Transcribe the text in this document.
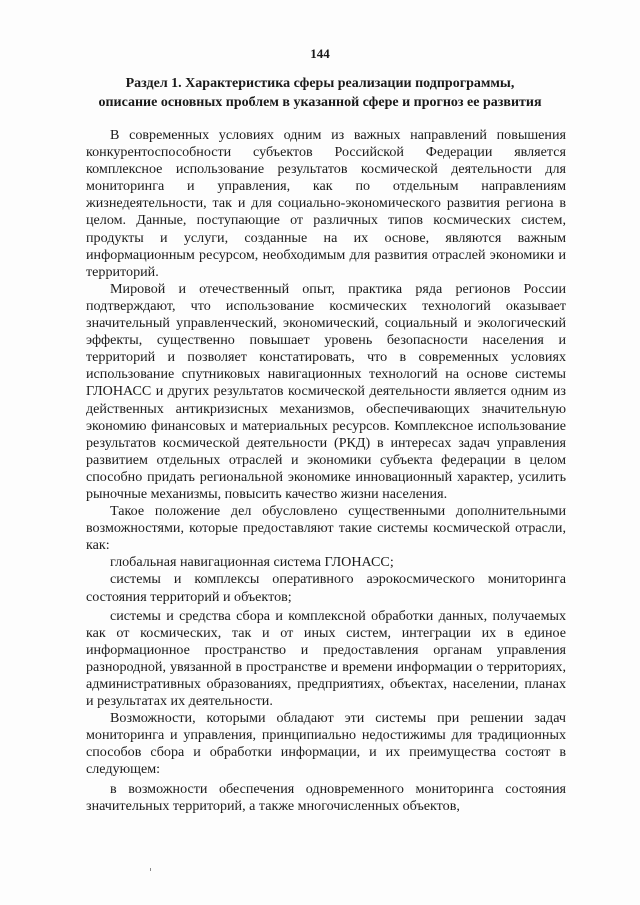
144
Раздел 1. Характеристика сферы реализации подпрограммы,
описание основных проблем в указанной сфере и прогноз ее развития

В современных условиях одним из важных направлений повышения конкурентоспособности субъектов Российской Федерации является комплексное использование результатов космической деятельности для мониторинга и управления, как по отдельным направлениям жизнедеятельности, так и для социально-экономического развития региона в целом. Данные, поступающие от различных типов космических систем, продукты и услуги, созданные на их основе, являются важным информационным ресурсом, необходимым для развития отраслей экономики и территорий.

Мировой и отечественный опыт, практика ряда регионов России подтверждают, что использование космических технологий оказывает значительный управленческий, экономический, социальный и экологический эффекты, существенно повышает уровень безопасности населения и территорий и позволяет констатировать, что в современных условиях использование спутниковых навигационных технологий на основе системы ГЛОНАСС и других результатов космической деятельности является одним из действенных антикризисных механизмов, обеспечивающих значительную экономию финансовых и материальных ресурсов. Комплексное использование результатов космической деятельности (РКД) в интересах задач управления развитием отдельных отраслей и экономики субъекта федерации в целом способно придать региональной экономике инновационный характер, усилить рыночные механизмы, повысить качество жизни населения.

Такое положение дел обусловлено существенными дополнительными возможностями, которые предоставляют такие системы космической отрасли, как:

глобальная навигационная система ГЛОНАСС;

системы и комплексы оперативного аэрокосмического мониторинга состояния территорий и объектов;

системы и средства сбора и комплексной обработки данных, получаемых как от космических, так и от иных систем, интеграции их в единое информационное пространство и предоставления органам управления разнородной, увязанной в пространстве и времени информации о территориях, административных образованиях, предприятиях, объектах, населении, планах и результатах их деятельности.

Возможности, которыми обладают эти системы при решении задач мониторинга и управления, принципиально недостижимы для традиционных способов сбора и обработки информации, и их преимущества состоят в следующем:

в возможности обеспечения одновременного мониторинга состояния значительных территорий, а также многочисленных объектов,
